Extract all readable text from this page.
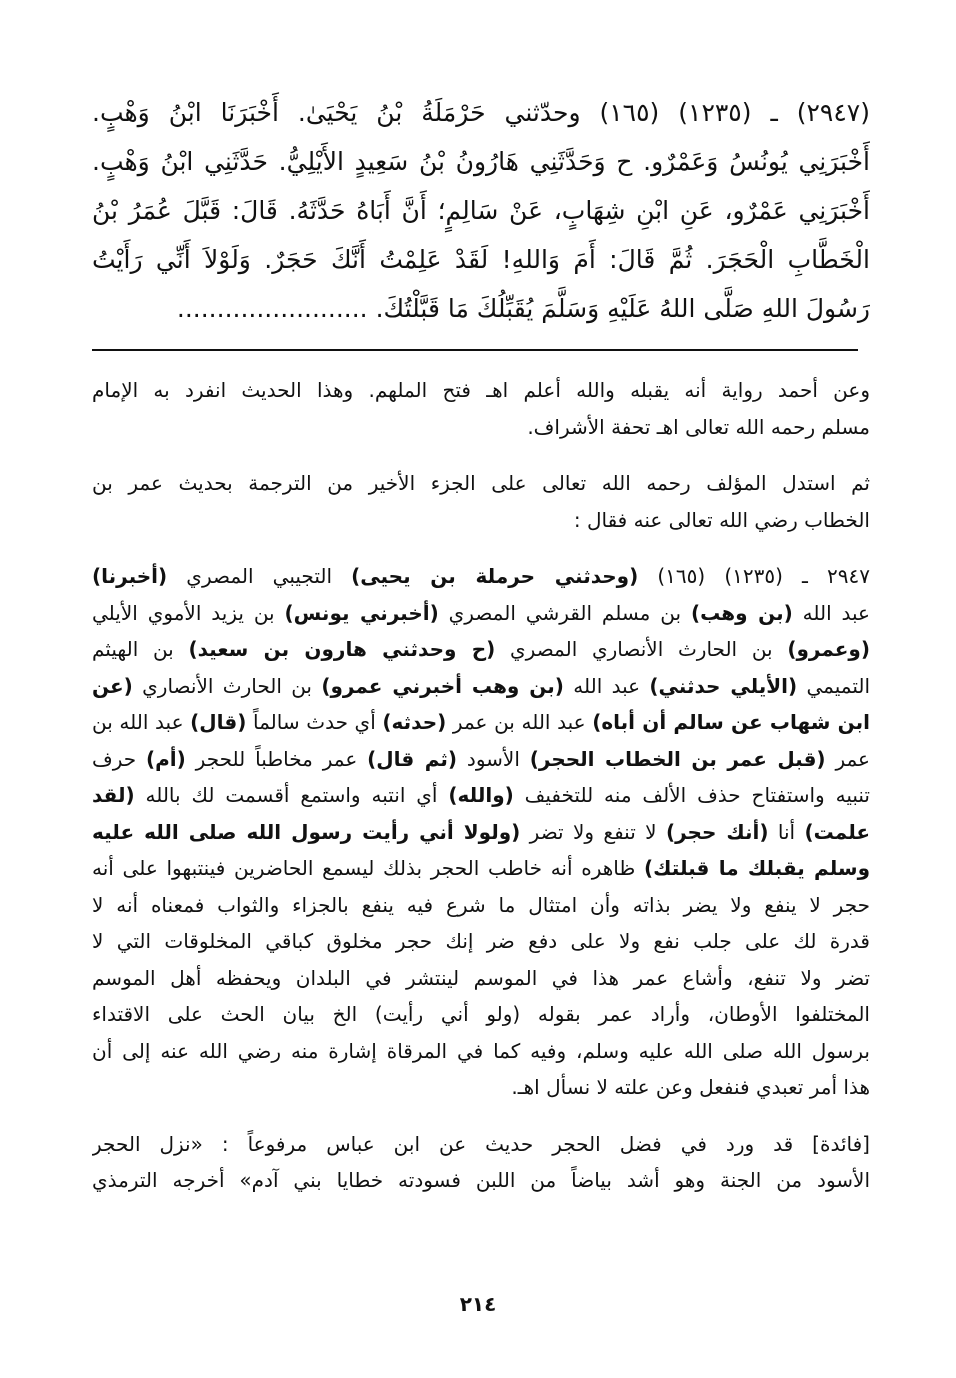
(٢٩٤٧) ـ (١٢٣٥) (١٦٥) وحدّثني حَرْمَلَةُ بْنُ يَحْيَىٰ. أَخْبَرَنَا ابْنُ وَهْبٍ.
أَخْبَرَنِي يُونُسُ وَعَمْرٌو. ح وَحَدَّثَنِي هَارُونُ بْنُ سَعِيدٍ الأَيْلِيُّ. حَدَّثَنِي ابْنُ وَهْبٍ.
أَخْبَرَنِي عَمْرٌو، عَنِ ابْنِ شِهَابٍ، عَنْ سَالِمٍ؛ أَنَّ أَبَاهُ حَدَّثَهُ. قَالَ: قَبَّلَ عُمَرُ بْنُ
الْخَطَّابِ الْحَجَرَ. ثُمَّ قَالَ: أَمَ وَاللهِ! لَقَدْ عَلِمْتُ أَنَّكَ حَجَرٌ. وَلَوْلاَ أَنِّي رَأَيْتُ
رَسُولَ اللهِ صَلَّى اللهُ عَلَيْهِ وَسَلَّمَ يُقَبِّلُكَ مَا قَبَّلْتُكَ. ........................

وعن أحمد رواية أنه يقبله والله أعلم اهـ فتح الملهم. وهذا الحديث انفرد به الإمام
مسلم رحمه الله تعالى اهـ تحفة الأشراف.

ثم استدل المؤلف رحمه الله تعالى على الجزء الأخير من الترجمة بحديث عمر بن
الخطاب رضي الله تعالى عنه فقال :

٢٩٤٧ ـ (١٢٣٥) (١٦٥) (وحدثني حرملة بن يحيى) التجيبي المصري (أخبرنا)
عبد الله (بن وهب) بن مسلم القرشي المصري (أخبرني يونس) بن يزيد الأموي الأيلي
(وعمرو) بن الحارث الأنصاري المصري (ح وحدثني هارون بن سعيد) بن الهيثم
التميمي (الأيلي حدثني) عبد الله (بن وهب أخبرني عمرو) بن الحارث الأنصاري (عن
ابن شهاب عن سالم أن أباه) عبد الله بن عمر (حدثه) أي حدث سالماً (قال) عبد الله بن
عمر (قبل عمر بن الخطاب الحجر) الأسود (ثم قال) عمر مخاطباً للحجر (أم) حرف
تنبيه واستفتاح حذف الألف منه للتخفيف (والله) أي انتبه واستمع أقسمت لك بالله (لقد
علمت) أنا (أنك حجر) لا تنفع ولا تضر (ولولا أني رأيت رسول الله صلى الله عليه
وسلم يقبلك ما قبلتك) ظاهره أنه خاطب الحجر بذلك ليسمع الحاضرين فينتبهوا على أنه
حجر لا ينفع ولا يضر بذاته وأن امتثال ما شرع فيه ينفع بالجزاء والثواب فمعناه أنه لا
قدرة لك على جلب نفع ولا على دفع ضر إنك حجر مخلوق كباقي المخلوقات التي لا
تضر ولا تنفع، وأشاع عمر هذا في الموسم لينتشر في البلدان ويحفظه أهل الموسم
المختلفوا الأوطان، وأراد عمر بقوله (ولو أني رأيت) الخ بيان الحث على الاقتداء
برسول الله صلى الله عليه وسلم، وفيه كما في المرقاة إشارة منه رضي الله عنه إلى أن
هذا أمر تعبدي فنفعل وعن علته لا نسأل اهـ.

[فائدة] قد ورد في فضل الحجر حديث عن ابن عباس مرفوعاً : «نزل الحجر
الأسود من الجنة وهو أشد بياضاً من اللبن فسودته خطايا بني آدم» أخرجه الترمذي

٢١٤
